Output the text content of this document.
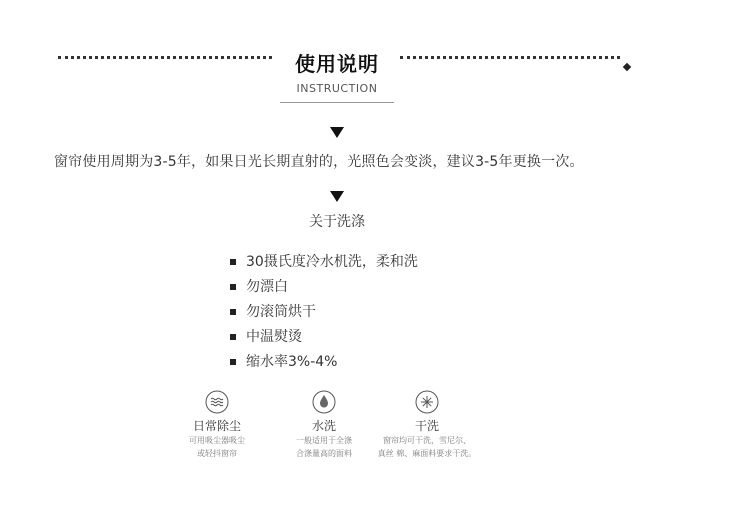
使用说明
INSTRUCTION
窗帘使用周期为3-5年，如果日光长期直射的，光照色会变淡，建议3-5年更换一次。
关于洗涤
30摄氏度冷水机洗，柔和洗
勿漂白
勿滚筒烘干
中温熨烫
缩水率3%-4%
日常除尘
可用吸尘器吸尘
或轻抖窗帘
水洗
一般适用于全涤
合涤量高的面料
干洗
窗帘均可干洗，雪尼尔、
真丝 棉、麻面料要求干洗。
